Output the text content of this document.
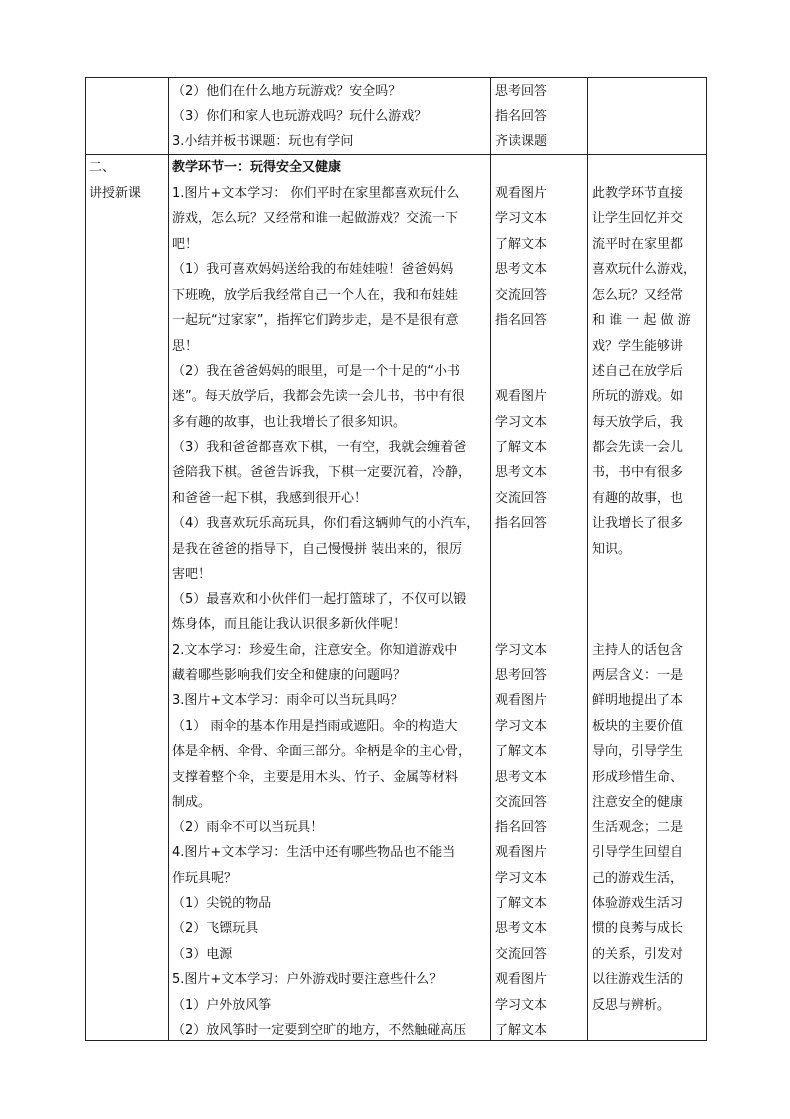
（2）他们在什么地方玩游戏？安全吗？
（3）你们和家人也玩游戏吗？玩什么游戏？
3.小结并板书课题：玩也有学问
思考回答
指名回答
齐读课题
二、
讲授新课
教学环节一：玩得安全又健康
1.图片+文本学习： 你们平时在家里都喜欢玩什么
游戏，怎么玩？又经常和谁一起做游戏？交流一下
吧！
（1）我可喜欢妈妈送给我的布娃娃啦！爸爸妈妈
下班晚，放学后我经常自己一个人在，我和布娃娃
一起玩“过家家”，指挥它们跨步走，是不是很有意
思！
（2）我在爸爸妈妈的眼里，可是一个十足的“小书
迷”。每天放学后，我都会先读一会儿书，书中有很
多有趣的故事，也让我增长了很多知识。
（3）我和爸爸都喜欢下棋，一有空，我就会缠着爸
爸陪我下棋。爸爸告诉我，下棋一定要沉着，冷静，
和爸爸一起下棋，我感到很开心！
（4）我喜欢玩乐高玩具，你们看这辆帅气的小汽车，
是我在爸爸的指导下，自己慢慢拼 装出来的，很厉
害吧！
（5）最喜欢和小伙伴们一起打篮球了，不仅可以锻
炼身体，而且能让我认识很多新伙伴呢！
2.文本学习：珍爱生命，注意安全。你知道游戏中
藏着哪些影响我们安全和健康的问题吗？
3.图片+文本学习：雨伞可以当玩具吗？
（1） 雨伞的基本作用是挡雨或遮阳。伞的构造大
体是伞柄、伞骨、伞面三部分。伞柄是伞的主心骨，
支撑着整个伞，主要是用木头、竹子、金属等材料
制成。
（2）雨伞不可以当玩具！
4.图片+文本学习：生活中还有哪些物品也不能当
作玩具呢？
（1）尖锐的物品
（2）飞镖玩具
（3）电源
5.图片+文本学习：户外游戏时要注意些什么？
（1）户外放风筝
（2）放风筝时一定要到空旷的地方，不然触碰高压
观看图片
学习文本
了解文本
思考文本
交流回答
指名回答
观看图片
学习文本
了解文本
思考文本
交流回答
指名回答
学习文本
思考回答
观看图片
学习文本
了解文本
思考文本
交流回答
指名回答
观看图片
学习文本
了解文本
思考文本
交流回答
观看图片
学习文本
了解文本
此教学环节直接
让学生回忆并交
流平时在家里都
喜欢玩什么游戏，
怎么玩？又经常
和 谁 一 起 做 游
戏？学生能够讲
述自己在放学后
所玩的游戏。如
每天放学后，我
都会先读一会儿
书，书中有很多
有趣的故事，也
让我增长了很多
知识。
主持人的话包含
两层含义：一是
鲜明地提出了本
板块的主要价值
导向，引导学生
形成珍惜生命、
注意安全的健康
生活观念；二是
引导学生回望自
己的游戏生活，
体验游戏生活习
惯的良莠与成长
的关系，引发对
以往游戏生活的
反思与辨析。
